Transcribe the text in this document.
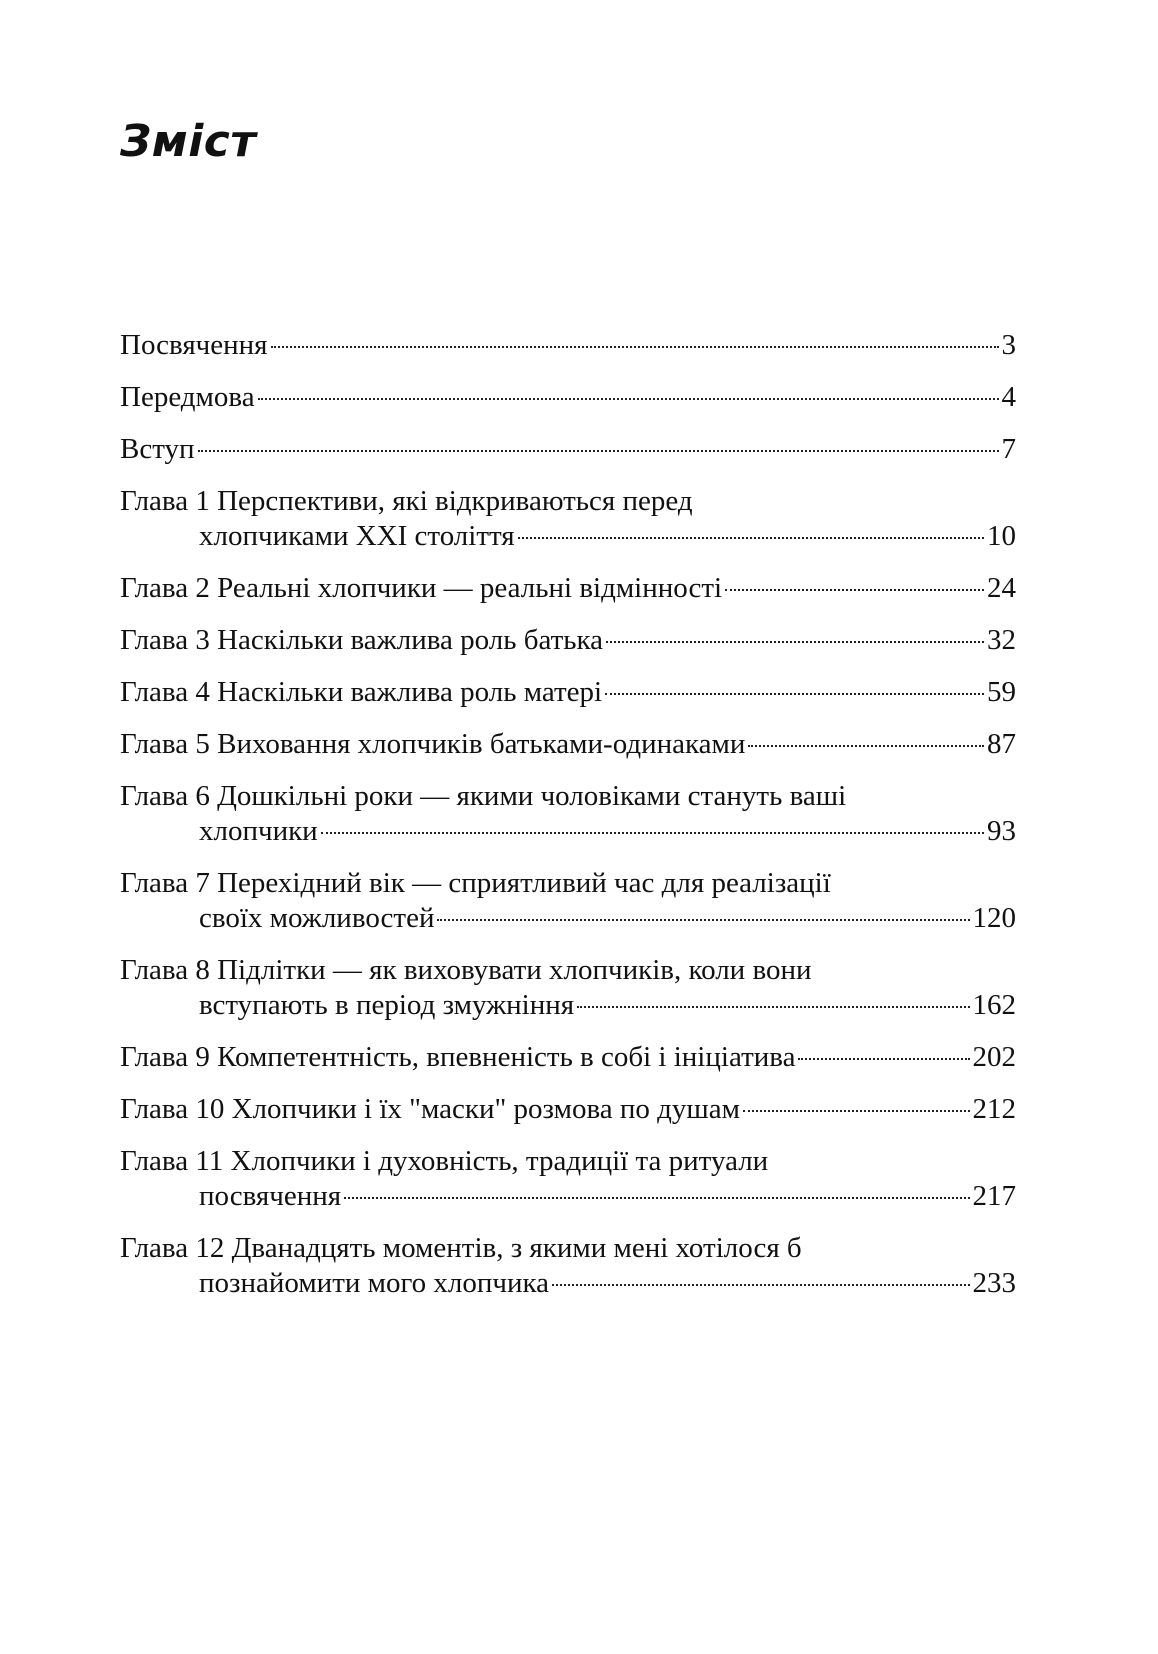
Зміст
Посвячення	3
Передмова	4
Вступ	7
Глава 1 Перспективи, які відкриваються перед
хлопчиками XXI століття	10
Глава 2 Реальні хлопчики — реальні відмінності	24
Глава 3 Наскільки важлива роль батька	32
Глава 4 Наскільки важлива роль матері	59
Глава 5 Виховання хлопчиків батьками-одинаками	87
Глава 6 Дошкільні роки — якими чоловіками стануть ваші
хлопчики	93
Глава 7 Перехідний вік — сприятливий час для реалізації
своїх можливостей	120
Глава 8 Підлітки — як виховувати хлопчиків, коли вони
вступають в період змужніння	162
Глава 9 Компетентність, впевненість в собі і ініціатива	202
Глава 10 Хлопчики і їх "маски" розмова по душам	212
Глава 11 Хлопчики і духовність, традиції та ритуали
посвячення	217
Глава 12 Дванадцять моментів, з якими мені хотілося б
познайомити мого хлопчика	233
